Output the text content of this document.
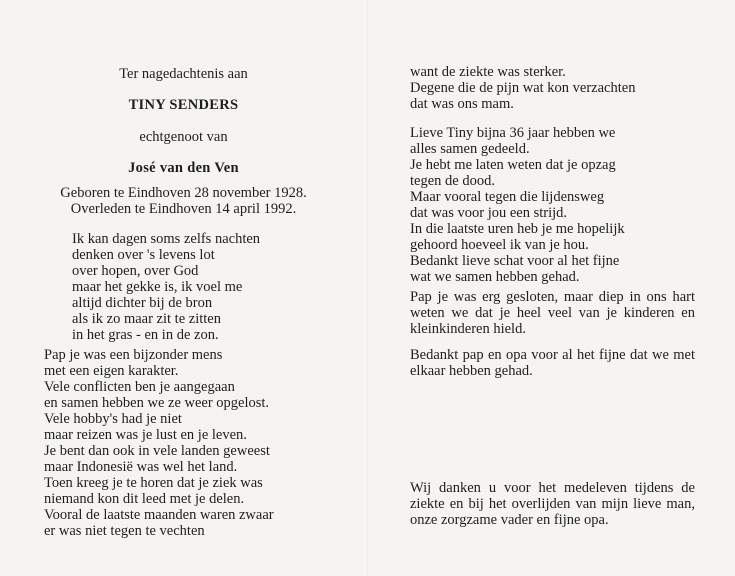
Ter nagedachtenis aan
TINY SENDERS
echtgenoot van
José van den Ven
Geboren te Eindhoven 28 november 1928.
Overleden te Eindhoven 14 april 1992.
Ik kan dagen soms zelfs nachten
denken over 's levens lot
over hopen, over God
maar het gekke is, ik voel me
altijd dichter bij de bron
als ik zo maar zit te zitten
in het gras - en in de zon.
Pap je was een bijzonder mens
met een eigen karakter.
Vele conflicten ben je aangegaan
en samen hebben we ze weer opgelost.
Vele hobby's had je niet
maar reizen was je lust en je leven.
Je bent dan ook in vele landen geweest
maar Indonesië was wel het land.
Toen kreeg je te horen dat je ziek was
niemand kon dit leed met je delen.
Vooral de laatste maanden waren zwaar
er was niet tegen te vechten
want de ziekte was sterker.
Degene die de pijn wat kon verzachten
dat was ons mam.
Lieve Tiny bijna 36 jaar hebben we
alles samen gedeeld.
Je hebt me laten weten dat je opzag
tegen de dood.
Maar vooral tegen die lijdensweg
dat was voor jou een strijd.
In die laatste uren heb je me hopelijk
gehoord hoeveel ik van je hou.
Bedankt lieve schat voor al het fijne
wat we samen hebben gehad.
Pap je was erg gesloten, maar diep in ons hart
weten we dat je heel veel van je kinderen en
kleinkinderen hield.
Bedankt pap en opa voor al het fijne dat we met
elkaar hebben gehad.
Wij danken u voor het medeleven tijdens de
ziekte en bij het overlijden van mijn lieve man,
onze zorgzame vader en fijne opa.
